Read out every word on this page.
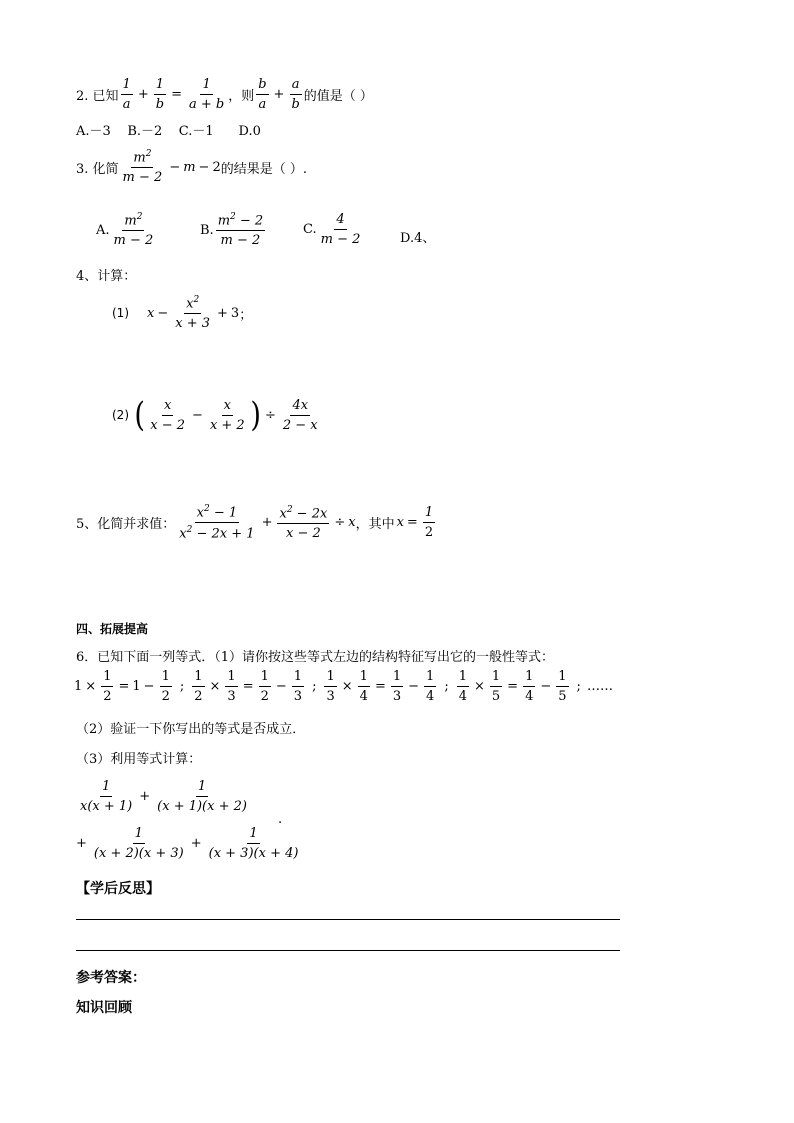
2. 已知 $\frac{1}{a} + \frac{1}{b} = \frac{1}{a + b}$ ，则 $\frac{b}{a} + \frac{a}{b}$ 的值是（ ）
A.－3    B.－2    C.－1      D.0
3. 化简 $\frac{m^2}{m - 2} - m - 2$ 的结果是（ ）.
A. $\frac{m^2}{m - 2}$	B. $\frac{m^2 - 2}{m - 2}$	C. $\frac{4}{m - 2}$	D.4、
4、计算：
(1) $x - \frac{x^2}{x + 3} + 3$ ；
(2) ( $\frac{x}{x - 2} - \frac{x}{x + 2}$ ) ÷ $\frac{4x}{2 - x}$
5、化简并求值： $\frac{x^2 - 1}{x^2 - 2x + 1} + \frac{x^2 - 2x}{x - 2} \div x$ ，其中 $x = \frac{1}{2}$
四、拓展提高
6．已知下面一列等式．（1）请你按这些等式左边的结构特征写出它的一般性等式：
$1 \times \frac{1}{2} = 1 - \frac{1}{2}$ ; $\frac{1}{2} \times \frac{1}{3} = \frac{1}{2} - \frac{1}{3}$ ; $\frac{1}{3} \times \frac{1}{4} = \frac{1}{3} - \frac{1}{4}$ ; $\frac{1}{4} \times \frac{1}{5} = \frac{1}{4} - \frac{1}{5}$ ; ……
（2）验证一下你写出的等式是否成立．
（3）利用等式计算：
$\frac{1}{x(x + 1)} + \frac{1}{(x + 1)(x + 2)}$
.
+ $\frac{1}{(x + 2)(x + 3)} + \frac{1}{(x + 3)(x + 4)}$
【学后反思】
参考答案：
知识回顾
